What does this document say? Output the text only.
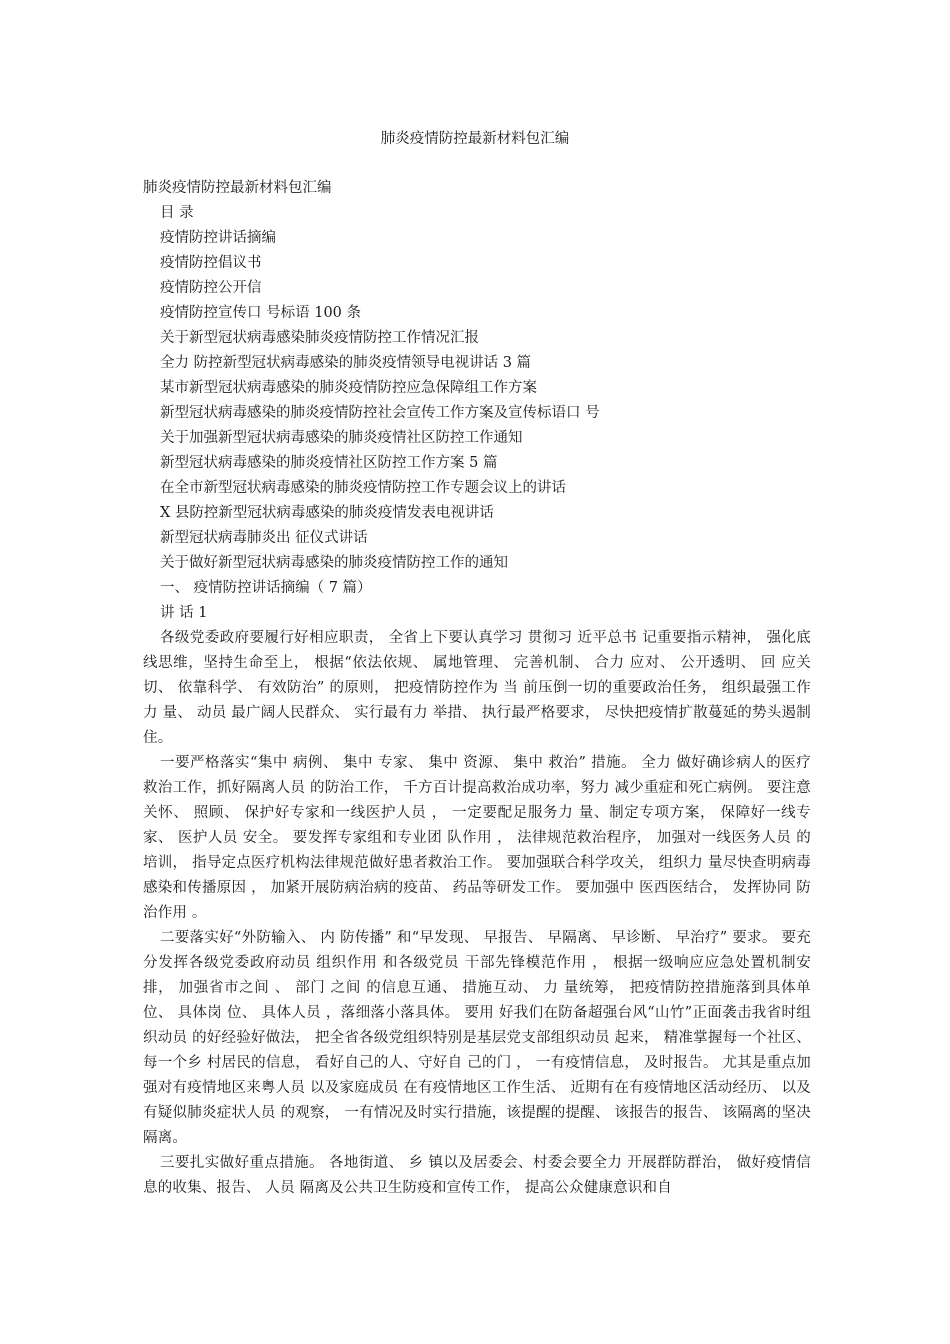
肺炎疫情防控最新材料包汇编
肺炎疫情防控最新材料包汇编
目 录
疫情防控讲话摘编
疫情防控倡议书
疫情防控公开信
疫情防控宣传口 号标语 100 条
关于新型冠状病毒感染肺炎疫情防控工作情况汇报
全力 防控新型冠状病毒感染的肺炎疫情领导电视讲话 3 篇
某市新型冠状病毒感染的肺炎疫情防控应急保障组工作方案
新型冠状病毒感染的肺炎疫情防控社会宣传工作方案及宣传标语口 号
关于加强新型冠状病毒感染的肺炎疫情社区防控工作通知
新型冠状病毒感染的肺炎疫情社区防控工作方案 5 篇
在全市新型冠状病毒感染的肺炎疫情防控工作专题会议上的讲话
X 县防控新型冠状病毒感染的肺炎疫情发表电视讲话
新型冠状病毒肺炎出 征仪式讲话
关于做好新型冠状病毒感染的肺炎疫情防控工作的通知
一、 疫情防控讲话摘编（ 7 篇）
讲 话 1

各级党委政府要履行好相应职责， 全省上下要认真学习 贯彻习 近平总书 记重要指示精神， 强化底线思维，坚持生命至上， 根据“依法依规、 属地管理、 完善机制、 合力 应对、 公开透明、 回 应关切、 依靠科学、 有效防治” 的原则， 把疫情防控作为 当 前压倒一切的重要政治任务， 组织最强工作力 量、 动员 最广阔人民群众、 实行最有力 举措、 执行最严格要求， 尽快把疫情扩散蔓延的势头遏制住。

一要严格落实“集中 病例、 集中 专家、 集中 资源、 集中 救治” 措施。 全力 做好确诊病人的医疗救治工作，抓好隔离人员 的防治工作， 千方百计提高救治成功率，努力 减少重症和死亡病例。 要注意关怀、 照顾、 保护好专家和一线医护人员 ， 一定要配足服务力 量、制定专项方案， 保障好一线专家、 医护人员 安全。 要发挥专家组和专业团 队作用 ， 法律规范救治程序， 加强对一线医务人员 的培训， 指导定点医疗机构法律规范做好患者救治工作。 要加强联合科学攻关， 组织力 量尽快查明病毒感染和传播原因 ， 加紧开展防病治病的疫苗、 药品等研发工作。 要加强中 医西医结合， 发挥协同 防治作用 。

二要落实好“外防输入、 内 防传播” 和“早发现、 早报告、 早隔离、 早诊断、 早治疗” 要求。 要充分发挥各级党委政府动员 组织作用 和各级党员 干部先锋模范作用 ， 根据一级响应应急处置机制安排， 加强省市之间 、 部门 之间 的信息互通、 措施互动、 力 量统筹， 把疫情防控措施落到具体单位、 具体岗 位、 具体人员 ，落细落小落具体。 要用 好我们在防备超强台风“山竹”正面袭击我省时组织动员 的好经验好做法， 把全省各级党组织特别是基层党支部组织动员 起来， 精准掌握每一个社区、 每一个乡 村居民的信息， 看好自己的人、守好自 己的门 ， 一有疫情信息， 及时报告。 尤其是重点加强对有疫情地区来粤人员 以及家庭成员 在有疫情地区工作生活、 近期有在有疫情地区活动经历、 以及有疑似肺炎症状人员 的观察， 一有情况及时实行措施，该提醒的提醒、 该报告的报告、 该隔离的坚决隔离。

三要扎实做好重点措施。 各地街道、 乡 镇以及居委会、村委会要全力 开展群防群治， 做好疫情信息的收集、报告、 人员 隔离及公共卫生防疫和宣传工作， 提高公众健康意识和自
